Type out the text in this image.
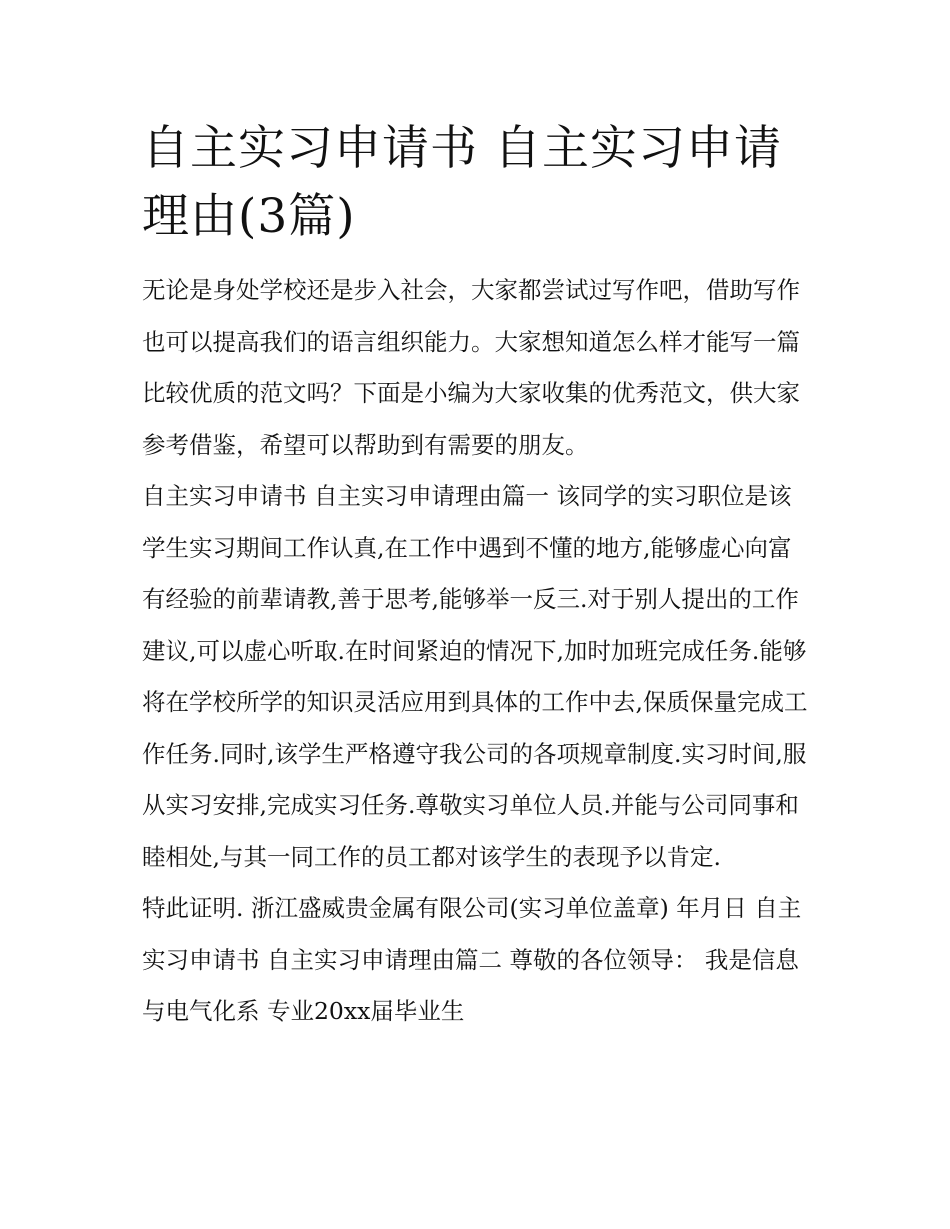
自主实习申请书 自主实习申请理由(3篇)

无论是身处学校还是步入社会，大家都尝试过写作吧，借助写作也可以提高我们的语言组织能力。大家想知道怎么样才能写一篇比较优质的范文吗？下面是小编为大家收集的优秀范文，供大家参考借鉴，希望可以帮助到有需要的朋友。

自主实习申请书 自主实习申请理由篇一 该同学的实习职位是该学生实习期间工作认真,在工作中遇到不懂的地方,能够虚心向富有经验的前辈请教,善于思考,能够举一反三.对于别人提出的工作建议,可以虚心听取.在时间紧迫的情况下,加时加班完成任务.能够将在学校所学的知识灵活应用到具体的工作中去,保质保量完成工作任务.同时,该学生严格遵守我公司的各项规章制度.实习时间,服从实习安排,完成实习任务.尊敬实习单位人员.并能与公司同事和睦相处,与其一同工作的员工都对该学生的表现予以肯定.

特此证明. 浙江盛威贵金属有限公司(实习单位盖章) 年月日 自主实习申请书 自主实习申请理由篇二 尊敬的各位领导： 我是信息与电气化系 专业20xx届毕业生
